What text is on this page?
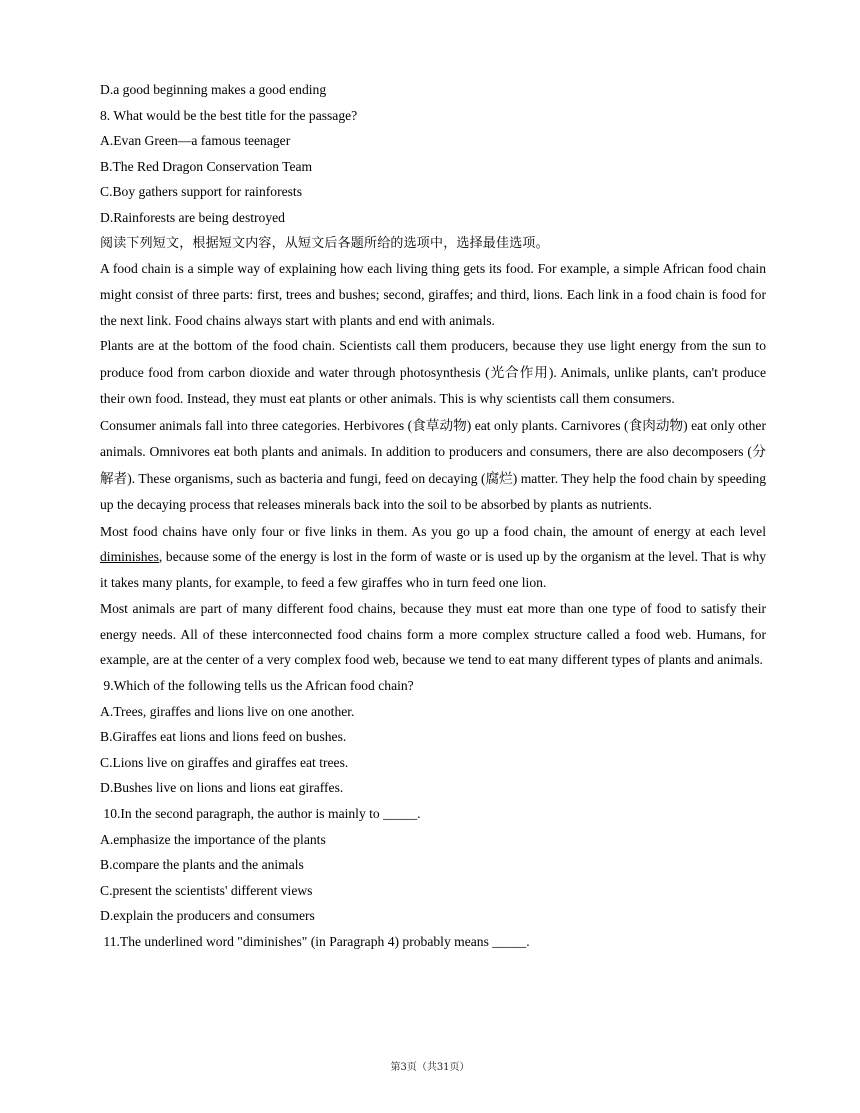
D.a good beginning makes a good ending

8. What would be the best title for the passage?

A.Evan Green—a famous teenager

B.The Red Dragon Conservation Team

C.Boy gathers support for rainforests

D.Rainforests are being destroyed

阅读下列短文，根据短文内容，从短文后各题所给的选项中，选择最佳选项。

A food chain is a simple way of explaining how each living thing gets its food. For example, a simple African food chain might consist of three parts: first, trees and bushes; second, giraffes; and third, lions. Each link in a food chain is food for the next link. Food chains always start with plants and end with animals.

Plants are at the bottom of the food chain. Scientists call them producers, because they use light energy from the sun to produce food from carbon dioxide and water through photosynthesis (光合作用). Animals, unlike plants, can't produce their own food. Instead, they must eat plants or other animals. This is why scientists call them consumers.

Consumer animals fall into three categories. Herbivores (食草动物) eat only plants. Carnivores (食肉动物) eat only other animals. Omnivores eat both plants and animals. In addition to producers and consumers, there are also decomposers (分解者). These organisms, such as bacteria and fungi, feed on decaying (腐烂) matter. They help the food chain by speeding up the decaying process that releases minerals back into the soil to be absorbed by plants as nutrients.

Most food chains have only four or five links in them. As you go up a food chain, the amount of energy at each level diminishes, because some of the energy is lost in the form of waste or is used up by the organism at the level. That is why it takes many plants, for example, to feed a few giraffes who in turn feed one lion.

Most animals are part of many different food chains, because they must eat more than one type of food to satisfy their energy needs. All of these interconnected food chains form a more complex structure called a food web. Humans, for example, are at the center of a very complex food web, because we tend to eat many different types of plants and animals.

9.Which of the following tells us the African food chain?

A.Trees, giraffes and lions live on one another.

B.Giraffes eat lions and lions feed on bushes.

C.Lions live on giraffes and giraffes eat trees.

D.Bushes live on lions and lions eat giraffes.

10.In the second paragraph, the author is mainly to _____.

A.emphasize the importance of the plants

B.compare the plants and the animals

C.present the scientists' different views

D.explain the producers and consumers

11.The underlined word "diminishes" (in Paragraph 4) probably means _____.

第3页（共31页）
